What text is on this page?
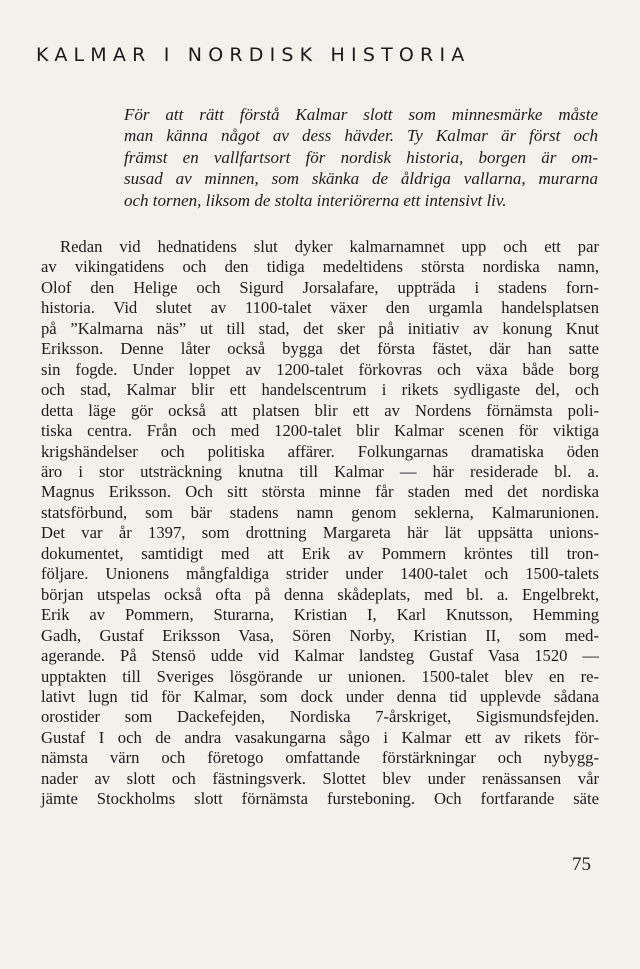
KALMAR I NORDISK HISTORIA
För att rätt förstå Kalmar slott som minnesmärke måste
man känna något av dess hävder. Ty Kalmar är först och
främst en vallfartsort för nordisk historia, borgen är om-
susad av minnen, som skänka de åldriga vallarna, murarna
och tornen, liksom de stolta interiörerna ett intensivt liv.
Redan vid hednatidens slut dyker kalmarnamnet upp och ett par
av vikingatidens och den tidiga medeltidens största nordiska namn,
Olof den Helige och Sigurd Jorsalafare, uppträda i stadens forn-
historia. Vid slutet av 1100-talet växer den urgamla handelsplatsen
på ”Kalmarna näs” ut till stad, det sker på initiativ av konung Knut
Eriksson. Denne låter också bygga det första fästet, där han satte
sin fogde. Under loppet av 1200-talet förkovras och växa både borg
och stad, Kalmar blir ett handelscentrum i rikets sydligaste del, och
detta läge gör också att platsen blir ett av Nordens förnämsta poli-
tiska centra. Från och med 1200-talet blir Kalmar scenen för viktiga
krigshändelser och politiska affärer. Folkungarnas dramatiska öden
äro i stor utsträckning knutna till Kalmar — här residerade bl. a.
Magnus Eriksson. Och sitt största minne får staden med det nordiska
statsförbund, som bär stadens namn genom seklerna, Kalmarunionen.
Det var år 1397, som drottning Margareta här lät uppsätta unions-
dokumentet, samtidigt med att Erik av Pommern kröntes till tron-
följare. Unionens mångfaldiga strider under 1400-talet och 1500-talets
början utspelas också ofta på denna skådeplats, med bl. a. Engelbrekt,
Erik av Pommern, Sturarna, Kristian I, Karl Knutsson, Hemming
Gadh, Gustaf Eriksson Vasa, Sören Norby, Kristian II, som med-
agerande. På Stensö udde vid Kalmar landsteg Gustaf Vasa 1520 —
upptakten till Sveriges lösgörande ur unionen. 1500-talet blev en re-
lativt lugn tid för Kalmar, som dock under denna tid upplevde sådana
orostider som Dackefejden, Nordiska 7-årskriget, Sigismundsfejden.
Gustaf I och de andra vasakungarna sågo i Kalmar ett av rikets för-
nämsta värn och företogo omfattande förstärkningar och nybygg-
nader av slott och fästningsverk. Slottet blev under renässansen vår
jämte Stockholms slott förnämsta fursteboning. Och fortfarande säte
75
